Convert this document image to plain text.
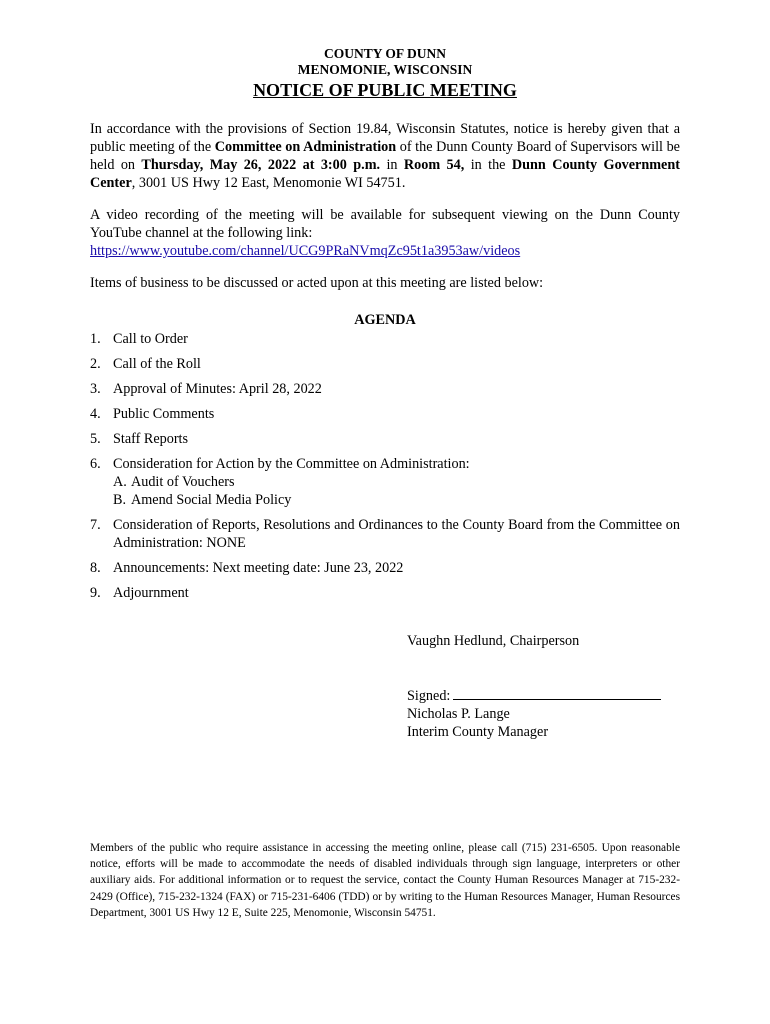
COUNTY OF DUNN
MENOMONIE, WISCONSIN
NOTICE OF PUBLIC MEETING

In accordance with the provisions of Section 19.84, Wisconsin Statutes, notice is hereby given that a public meeting of the Committee on Administration of the Dunn County Board of Supervisors will be held on Thursday, May 26, 2022 at 3:00 p.m. in Room 54, in the Dunn County Government Center, 3001 US Hwy 12 East, Menomonie WI 54751.

A video recording of the meeting will be available for subsequent viewing on the Dunn County YouTube channel at the following link:
https://www.youtube.com/channel/UCG9PRaNVmqZc95t1a3953aw/videos

Items of business to be discussed or acted upon at this meeting are listed below:

AGENDA
1. Call to Order
2. Call of the Roll
3. Approval of Minutes: April 28, 2022
4. Public Comments
5. Staff Reports
6. Consideration for Action by the Committee on Administration:
A. Audit of Vouchers
B. Amend Social Media Policy
7. Consideration of Reports, Resolutions and Ordinances to the County Board from the Committee on Administration: NONE
8. Announcements: Next meeting date: June 23, 2022
9. Adjournment
Vaughn Hedlund, Chairperson
Signed:
Nicholas P. Lange
Interim County Manager
Members of the public who require assistance in accessing the meeting online, please call (715) 231-6505. Upon reasonable notice, efforts will be made to accommodate the needs of disabled individuals through sign language, interpreters or other auxiliary aids. For additional information or to request the service, contact the County Human Resources Manager at 715-232-2429 (Office), 715-232-1324 (FAX) or 715-231-6406 (TDD) or by writing to the Human Resources Manager, Human Resources Department, 3001 US Hwy 12 E, Suite 225, Menomonie, Wisconsin 54751.
